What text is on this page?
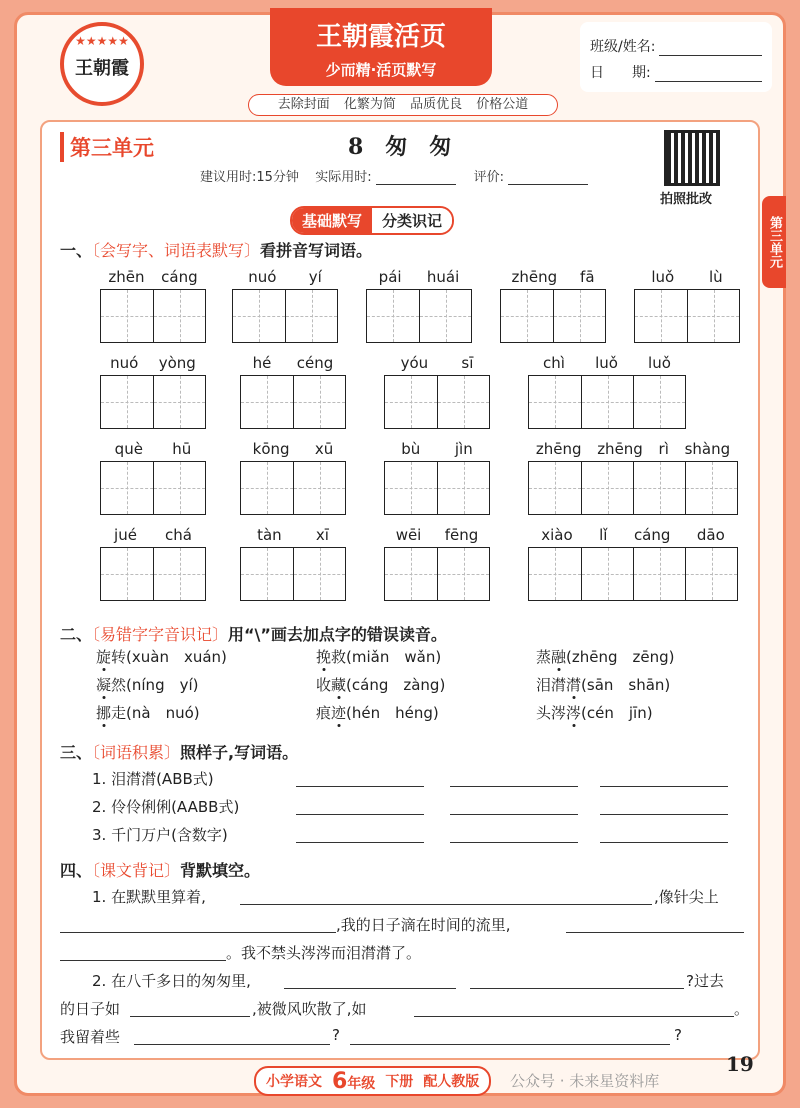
★★★★★
王朝霞
王朝霞活页
少而精·活页默写
去除封面 化繁为简 品质优良 价格公道
班级/姓名:
日　　期:
第三单元	8　匆　匆
建议用时:15分钟
实际用时:	评价:
拍照批改
第三单元
基础默写	分类识记
一、〔会写字、词语表默写〕看拼音写词语。
zhēn cáng	nuó yí	pái huái	zhēng fā	luǒ lù
nuó yòng	hé céng	yóu sī	chì luǒ luǒ
què hū	kōng xū	bù jìn	zhēng zhēng rì shàng
jué chá	tàn xī	wēi fēng	xiào lǐ cáng dāo
二、〔易错字字音识记〕用“\”画去加点字的错误读音。
旋转(xuàn　xuán)	挽救(miǎn　wǎn)	蒸融(zhēng　zēng)
凝然(níng　yí)	收藏(cáng　zàng)	泪潸潸(sān　shān)
挪走(nà　nuó)	痕迹(hén　héng)	头涔涔(cén　jīn)
三、〔词语积累〕照样子,写词语。
1. 泪潸潸(ABB式)
2. 伶伶俐俐(AABB式)
3. 千门万户(含数字)
四、〔课文背记〕背默填空。
1. 在默默里算着,	,像针尖上
,我的日子滴在时间的流里,
。我不禁头涔涔而泪潸潸了。
2. 在八千多日的匆匆里,	?过去
的日子如	,被微风吹散了,如	。
我留着些	?	?
小学语文 6年级 下册 配人教版 公众号 · 未来星资料库
19
